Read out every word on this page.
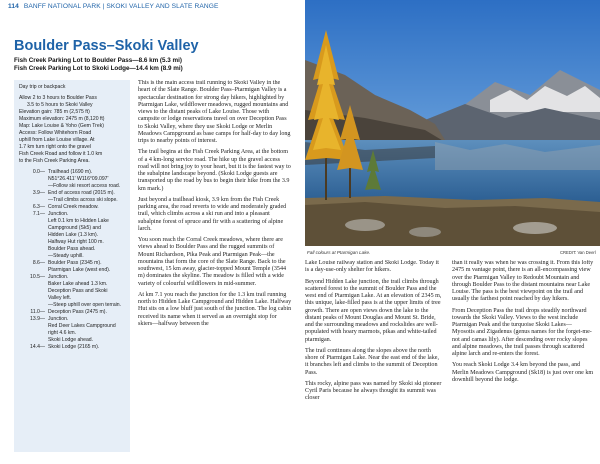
114 BANFF NATIONAL PARK | SKOKI VALLEY AND SLATE RANGE
Boulder Pass–Skoki Valley
Fish Creek Parking Lot to Boulder Pass—8.6 km (5.3 mi)
Fish Creek Parking Lot to Skoki Lodge—14.4 km (8.9 mi)
Day trip or backpack
Allow 2 to 3 hours to Boulder Pass
3.5 to 5 hours to Skoki Valley
Elevation gain: 785 m (2,575 ft)
Maximum elevation: 2475 m (8,120 ft)
Map: Lake Louise & Yoho (Gem Trek)
Access: Follow Whitehorn Road
uphill from Lake Louise village. At
1.7 km turn right onto the gravel
Fish Creek Road and follow it 1.0 km
to the Fish Creek Parking Area.
0.0— Trailhead (1690 m).
N51°26.411' W116°09.097'
—Follow ski resort access road.
3.9— End of access road (2015 m).
—Trail climbs across ski slope.
6.3— Corral Creek meadow.
7.1— Junction.
Left 0.1 km to Hidden Lake
Campground (Sk5) and
Hidden Lake (1.3 km).
Halfway Hut right 100 m.
Boulder Pass ahead.
—Steady uphill.
8.6— Boulder Pass (2345 m).
Ptarmigan Lake (west end).
10.5— Junction.
Baker Lake ahead 1.3 km.
Deception Pass and Skoki
Valley left.
—Steep uphill over open terrain.
11.0— Deception Pass (2475 m).
13.9— Junction.
Red Deer Lakes Campground
right 4.6 km.
Skoki Lodge ahead.
14.4— Skoki Lodge (2165 m).

This is the main access trail running to Skoki Valley in the heart of the Slate Range. Boulder Pass–Ptarmigan Valley is a spectacular destination for strong day hikers, highlighted by Ptarmigan Lake, wildflower meadows, rugged mountains and views to the distant peaks of Lake Louise. Those with campsite or lodge reservations travel on over Deception Pass to Skoki Valley, where they use Skoki Lodge or Merlin Meadows Campground as base camps for half-day to day long trips to nearby points of interest.

The trail begins at the Fish Creek Parking Area, at the bottom of a 4 km-long service road. The hike up the gravel access road will not bring joy to your heart, but it is the fastest way to the subalpine landscape beyond. (Skoki Lodge guests are transported up the road by bus to begin their hike from the 3.9 km mark.)

Just beyond a trailhead kiosk, 3.9 km from the Fish Creek parking area, the road reverts to wide and moderately graded trail, which climbs across a ski run and into a pleasant subalpine forest of spruce and fir with a scattering of alpine larch.

You soon reach the Corral Creek meadows, where there are views ahead to Boulder Pass and the rugged summits of Mount Richardson, Pika Peak and Ptarmigan Peak—the mountains that form the core of the Slate Range. Back to the southwest, 15 km away, glacier-topped Mount Temple (3544 m) dominates the skyline. The meadow is filled with a wide variety of colourful wildflowers in mid-summer.

At km 7.1 you reach the junction for the 1.3 km trail running north to Hidden Lake Campground and Hidden Lake. Halfway Hut sits on a low bluff just south of the junction. The log cabin received its name when it served as an overnight stop for skiers—halfway between the

Fall colours at Ptarmigan Lake.	CREDIT: Van Deerl

Lake Louise railway station and Skoki Lodge. Today it is a day-use-only shelter for hikers.

Beyond Hidden Lake junction, the trail climbs through scattered forest to the summit of Boulder Pass and the west end of Ptarmigan Lake. At an elevation of 2345 m, this unique, lake-filled pass is at the upper limits of tree growth. There are open views down the lake to the distant peaks of Mount Douglas and Mount St. Bride, and the surrounding meadows and rockslides are well-populated with hoary marmots, pikas and white-tailed ptarmigan.

The trail continues along the slopes above the north shore of Ptarmigan Lake. Near the east end of the lake, it branches left and climbs to the summit of Deception Pass.

This rocky, alpine pass was named by Skoki ski pioneer Cyril Paris because he always thought its summit was closer

than it really was when he was crossing it. From this lofty 2475 m vantage point, there is an all-encompassing view over the Ptarmigan Valley to Redoubt Mountain and through Boulder Pass to the distant mountains near Lake Louise. The pass is the best viewpoint on the trail and usually the farthest point reached by day hikers.

From Deception Pass the trail drops steadily northward towards the Skoki Valley. Views to the west include Ptarmigan Peak and the turquoise Skoki Lakes—Myosotis and Zigadenus (genus names for the forget-me-not and camas lily). After descending over rocky slopes and alpine meadows, the trail passes through scattered alpine larch and re-enters the forest.

You reach Skoki Lodge 3.4 km beyond the pass, and Merlin Meadows Campground (Sk18) is just over one km downhill beyond the lodge.
